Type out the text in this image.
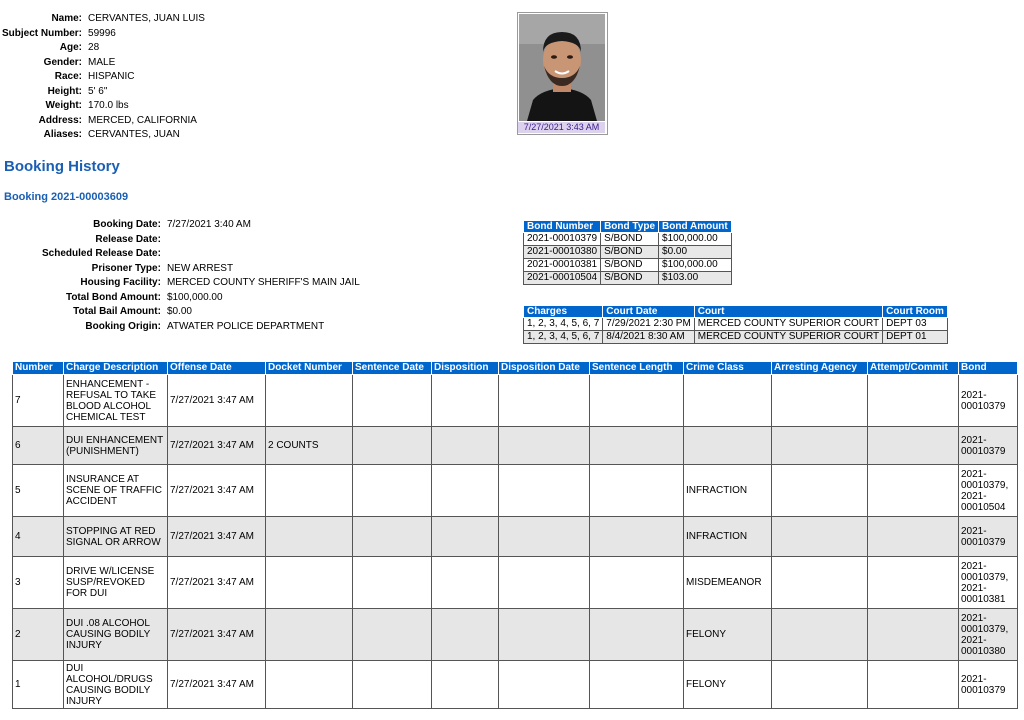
Name:	CERVANTES, JUAN LUIS
Subject Number:	59996
Age:	28
Gender:	MALE
Race:	HISPANIC
Height:	5' 6"
Weight:	170.0 lbs
Address:	MERCED, CALIFORNIA
Aliases:	CERVANTES, JUAN
7/27/2021 3:43 AM
Booking History
Booking 2021-00003609
Booking Date:	7/27/2021 3:40 AM
Release Date:	
Scheduled Release Date:	
Prisoner Type:	NEW ARREST
Housing Facility:	MERCED COUNTY SHERIFF'S MAIN JAIL
Total Bond Amount:	$100,000.00
Total Bail Amount:	$0.00
Booking Origin:	ATWATER POLICE DEPARTMENT
Bond Number	Bond Type	Bond Amount
2021-00010379	S/BOND	$100,000.00
2021-00010380	S/BOND	$0.00
2021-00010381	S/BOND	$100,000.00
2021-00010504	S/BOND	$103.00
Charges	Court Date	Court	Court Room
1, 2, 3, 4, 5, 6, 7	7/29/2021 2:30 PM	MERCED COUNTY SUPERIOR COURT	DEPT 03
1, 2, 3, 4, 5, 6, 7	8/4/2021 8:30 AM	MERCED COUNTY SUPERIOR COURT	DEPT 01
Number	Charge Description	Offense Date	Docket Number	Sentence Date	Disposition	Disposition Date	Sentence Length	Crime Class	Arresting Agency	Attempt/Commit	Bond
7	ENHANCEMENT - REFUSAL TO TAKE BLOOD ALCOHOL CHEMICAL TEST	7/27/2021 3:47 AM									2021-00010379
6	DUI ENHANCEMENT (PUNISHMENT)	7/27/2021 3:47 AM	2 COUNTS								2021-00010379
5	INSURANCE AT SCENE OF TRAFFIC ACCIDENT	7/27/2021 3:47 AM						INFRACTION			2021-00010379, 2021-00010504
4	STOPPING AT RED SIGNAL OR ARROW	7/27/2021 3:47 AM						INFRACTION			2021-00010379
3	DRIVE W/LICENSE SUSP/REVOKED FOR DUI	7/27/2021 3:47 AM						MISDEMEANOR			2021-00010379, 2021-00010381
2	DUI .08 ALCOHOL CAUSING BODILY INJURY	7/27/2021 3:47 AM						FELONY			2021-00010379, 2021-00010380
1	DUI ALCOHOL/DRUGS CAUSING BODILY INJURY	7/27/2021 3:47 AM						FELONY			2021-00010379
